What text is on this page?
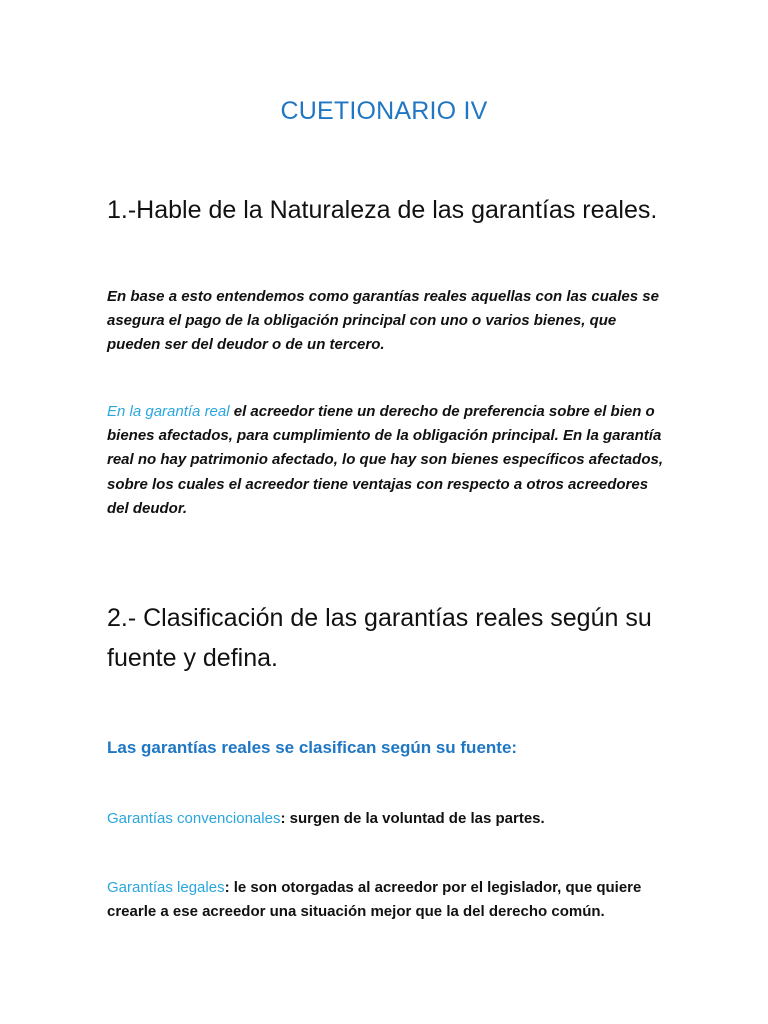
CUETIONARIO IV
1.-Hable de la Naturaleza de las garantías reales.
En base a esto entendemos como garantías reales aquellas con las cuales se asegura el pago de la obligación principal con uno o varios bienes, que pueden ser del deudor o de un tercero.
En la garantía real el acreedor tiene un derecho de preferencia sobre el bien o bienes afectados, para cumplimiento de la obligación principal. En la garantía real no hay patrimonio afectado, lo que hay son bienes específicos afectados, sobre los cuales el acreedor tiene ventajas con respecto a otros acreedores del deudor.
2.- Clasificación de las garantías reales según su fuente y defina.
Las garantías reales se clasifican según su fuente:
Garantías convencionales: surgen de la voluntad de las partes.
Garantías legales: le son otorgadas al acreedor por el legislador, que quiere crearle a ese acreedor una situación mejor que la del derecho común.
